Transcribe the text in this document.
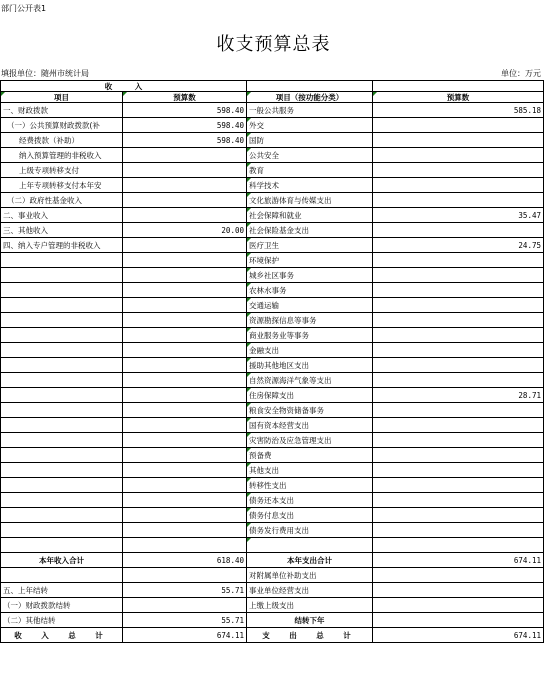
部门公开表1
收支预算总表
填报单位：随州市统计局	单位：万元
收　　　入			
项目	预算数	项目（按功能分类）	预算数
一、财政拨款	598.40	一般公共服务	585.18
（一）公共预算财政拨款(补	598.40	外交	
经费拨款（补助）	598.40	国防	
纳入预算管理的非税收入		公共安全	
上级专项转移支付		教育	
上年专项转移支付本年安		科学技术	
（二）政府性基金收入		文化旅游体育与传媒支出	
二、事业收入		社会保障和就业	35.47
三、其他收入	20.00	社会保险基金支出	
四、纳入专户管理的非税收入		医疗卫生	24.75
		环境保护	
		城乡社区事务	
		农林水事务	
		交通运输	
		资源勘探信息等事务	
		商业服务业等事务	
		金融支出	
		援助其他地区支出	
		自然资源海洋气象等支出	
		住房保障支出	28.71
		粮食安全物资储备事务	
		国有资本经营支出	
		灾害防治及应急管理支出	
		预备费	
		其他支出	
		转移性支出	
		债务还本支出	
		债务付息支出	
		债务发行费用支出	

本年收入合计	618.40	本年支出合计	674.11
		对附属单位补助支出	
五、上年结转	55.71	事业单位经营支出	
（一）财政拨款结转		上缴上级支出	
（二）其他结转	55.71	结转下年	
收　入　总　计	674.11	支　出　总　计	674.11
